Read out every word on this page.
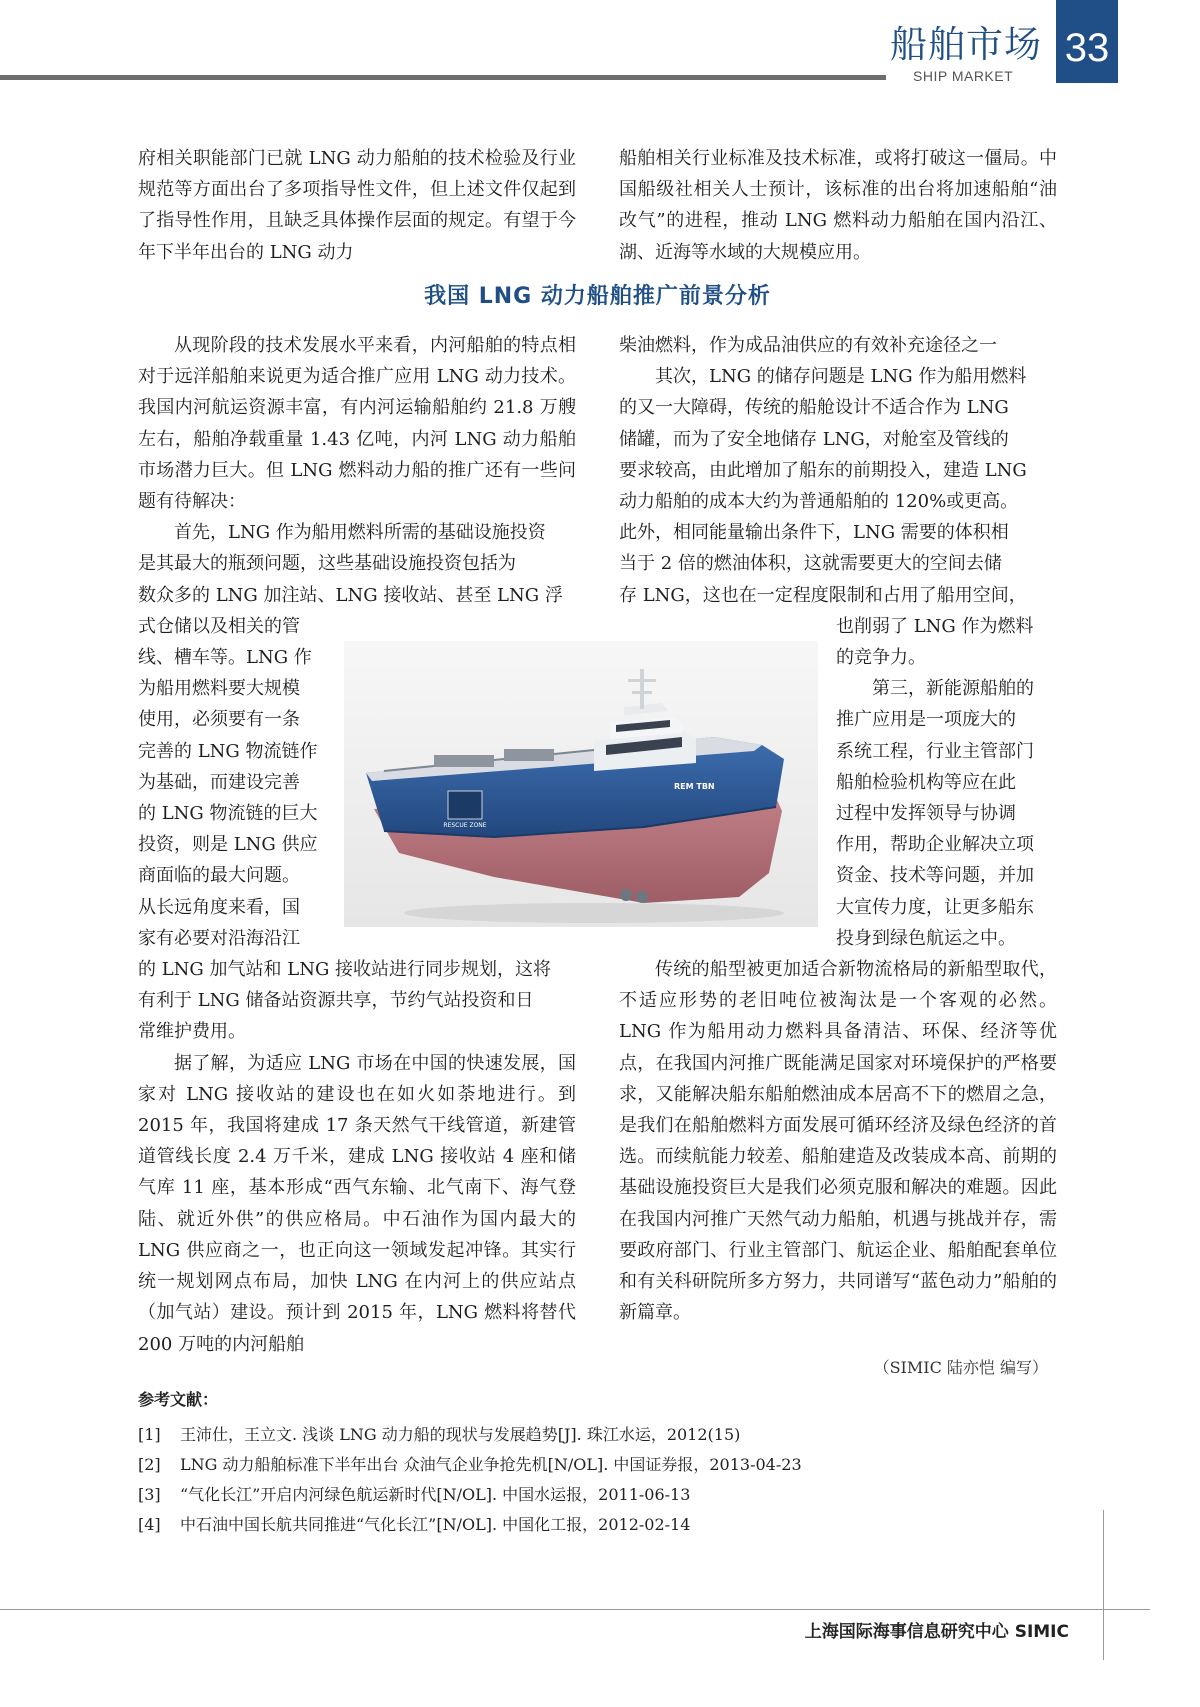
船舶市场
SHIP MARKET
33

府相关职能部门已就 LNG 动力船舶的技术检验及行业规范等方面出台了多项指导性文件，但上述文件仅起到了指导性作用，且缺乏具体操作层面的规定。有望于今年下半年出台的 LNG 动力

船舶相关行业标准及技术标准，或将打破这一僵局。中国船级社相关人士预计，该标准的出台将加速船舶“油改气”的进程，推动 LNG 燃料动力船舶在国内沿江、湖、近海等水域的大规模应用。

我国 LNG 动力船舶推广前景分析

从现阶段的技术发展水平来看，内河船舶的特点相对于远洋船舶来说更为适合推广应用 LNG 动力技术。我国内河航运资源丰富，有内河运输船舶约 21.8 万艘左右，船舶净载重量 1.43 亿吨，内河 LNG 动力船舶市场潜力巨大。但 LNG 燃料动力船的推广还有一些问题有待解决：

首先，LNG 作为船用燃料所需的基础设施投资
是其最大的瓶颈问题，这些基础设施投资包括为
数众多的 LNG 加注站、LNG 接收站、甚至 LNG 浮
式仓储以及相关的管
线、槽车等。LNG 作
为船用燃料要大规模
使用，必须要有一条
完善的 LNG 物流链作
为基础，而建设完善
的 LNG 物流链的巨大
投资，则是 LNG 供应
商面临的最大问题。
从长远角度来看，国
家有必要对沿海沿江
的 LNG 加气站和 LNG 接收站进行同步规划，这将
有利于 LNG 储备站资源共享，节约气站投资和日
常维护费用。

据了解，为适应 LNG 市场在中国的快速发展，国家对 LNG 接收站的建设也在如火如荼地进行。到 2015 年，我国将建成 17 条天然气干线管道，新建管道管线长度 2.4 万千米，建成 LNG 接收站 4 座和储气库 11 座，基本形成“西气东输、北气南下、海气登陆、就近外供”的供应格局。中石油作为国内最大的 LNG 供应商之一，也正向这一领域发起冲锋。其实行统一规划网点布局，加快 LNG 在内河上的供应站点（加气站）建设。预计到 2015 年，LNG 燃料将替代 200 万吨的内河船舶

柴油燃料，作为成品油供应的有效补充途径之一

其次，LNG 的储存问题是 LNG 作为船用燃料
的又一大障碍，传统的船舱设计不适合作为 LNG
储罐，而为了安全地储存 LNG，对舱室及管线的
要求较高，由此增加了船东的前期投入，建造 LNG
动力船舶的成本大约为普通船舶的 120%或更高。
此外，相同能量输出条件下，LNG 需要的体积相
当于 2 倍的燃油体积，这就需要更大的空间去储
存 LNG，这也在一定程度限制和占用了船用空间，
也削弱了 LNG 作为燃料
的竞争力。
第三，新能源船舶的
推广应用是一项庞大的
系统工程，行业主管部门
船舶检验机构等应在此
过程中发挥领导与协调
作用，帮助企业解决立项
资金、技术等问题，并加
大宣传力度，让更多船东
投身到绿色航运之中。

传统的船型被更加适合新物流格局的新船型取代，不适应形势的老旧吨位被淘汰是一个客观的必然。LNG 作为船用动力燃料具备清洁、环保、经济等优点，在我国内河推广既能满足国家对环境保护的严格要求，又能解决船东船舶燃油成本居高不下的燃眉之急，是我们在船舶燃料方面发展可循环经济及绿色经济的首选。而续航能力较差、船舶建造及改装成本高、前期的基础设施投资巨大是我们必须克服和解决的难题。因此在我国内河推广天然气动力船舶，机遇与挑战并存，需要政府部门、行业主管部门、航运企业、船舶配套单位和有关科研院所多方努力，共同谱写“蓝色动力”船舶的新篇章。

RESCUE ZONE
REM TBN
（SIMIC 陆亦恺 编写）
参考文献：
[1]	王沛仕，王立文. 浅谈 LNG 动力船的现状与发展趋势[J]. 珠江水运，2012(15)
[2]	LNG 动力船舶标准下半年出台 众油气企业争抢先机[N/OL]. 中国证券报，2013-04-23
[3]	“气化长江”开启内河绿色航运新时代[N/OL]. 中国水运报，2011-06-13
[4]	中石油中国长航共同推进“气化长江”[N/OL]. 中国化工报，2012-02-14
上海国际海事信息研究中心 SIMIC
